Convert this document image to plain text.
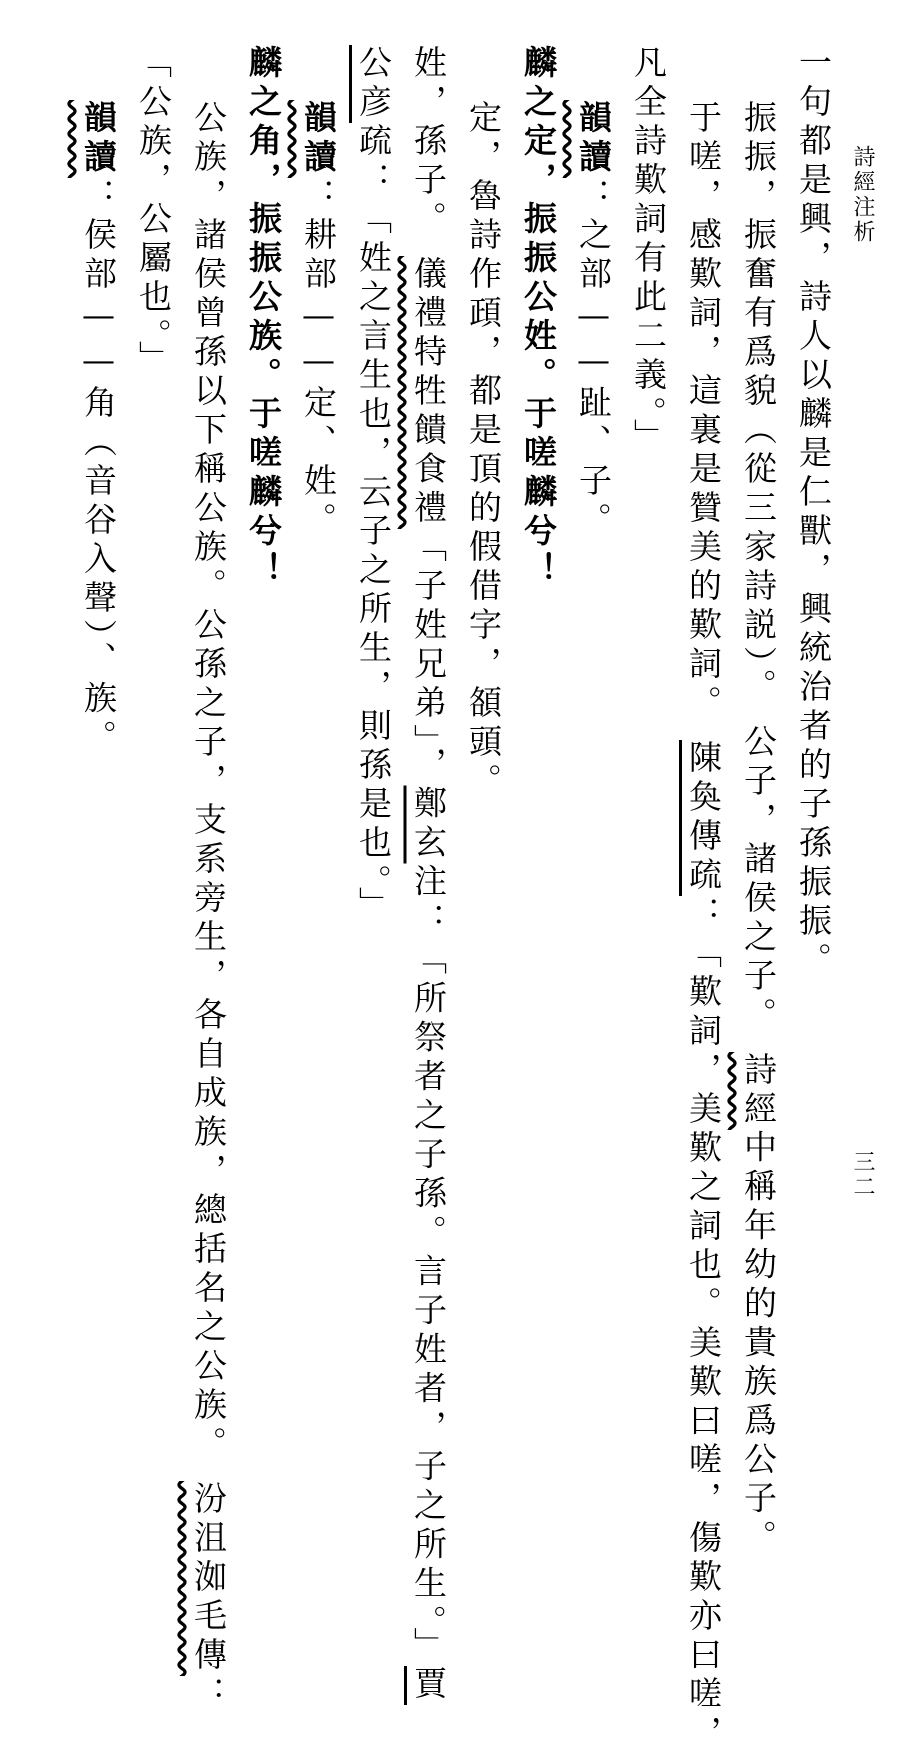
詩經注析
三二
一句都是興，詩人以麟是仁獸，興統治者的子孫振振。
振振，振奮有爲貌（從三家詩説）。公子，諸侯之子。詩經中稱年幼的貴族爲公子。
于嗟，感歎詞，這裏是贊美的歎詞。陳奐傳疏：「歎詞，美歎之詞也。美歎曰嗟，傷歎亦曰嗟，
凡全詩歎詞有此二義。」
韻讀：之部——趾、子。
麟之定，振振公姓。于嗟麟兮！
定，魯詩作頙，都是頂的假借字，頟頭。
姓，孫子。儀禮特牲饋食禮「子姓兄弟」，鄭玄注：「所祭者之子孫。言子姓者，子之所生。」賈
公彦疏：「姓之言生也，云子之所生，則孫是也。」
韻讀：耕部——定、姓。
麟之角，振振公族。于嗟麟兮！
公族，諸侯曾孫以下稱公族。公孫之子，支系旁生，各自成族，總括名之公族。汾沮洳毛傳：
「公族，公屬也。」
韻讀：侯部——角（音谷入聲）、族。
